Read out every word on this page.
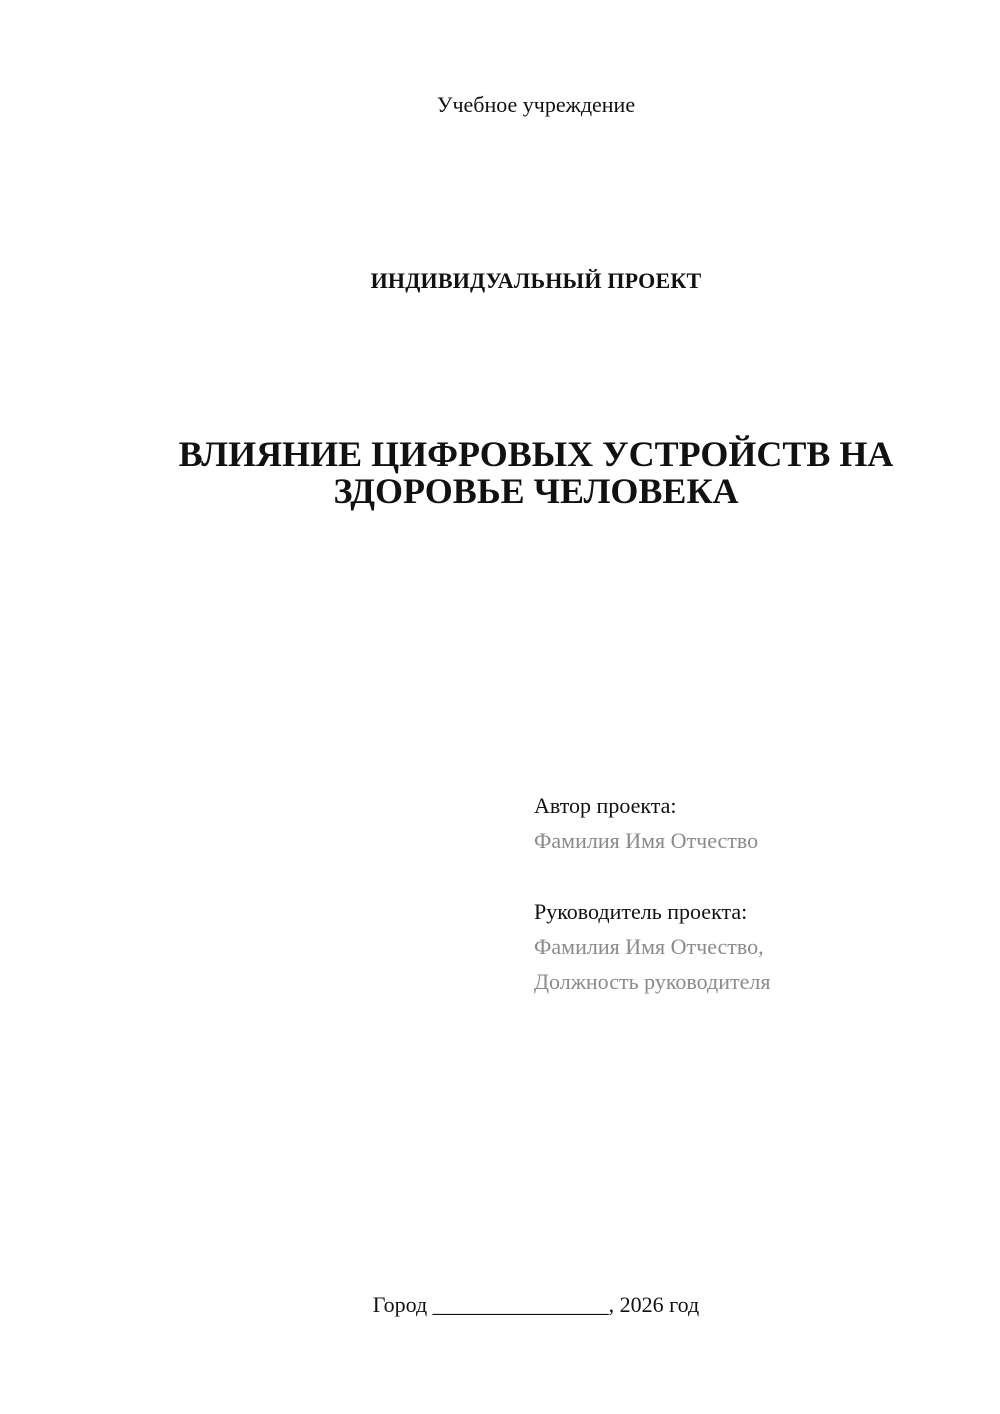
Учебное учреждение
ИНДИВИДУАЛЬНЫЙ ПРОЕКТ
ВЛИЯНИЕ ЦИФРОВЫХ УСТРОЙСТВ НА
ЗДОРОВЬЕ ЧЕЛОВЕКА
Автор проекта:
Фамилия Имя Отчество
Руководитель проекта:
Фамилия Имя Отчество,
Должность руководителя
Город ________________, 2026 год
